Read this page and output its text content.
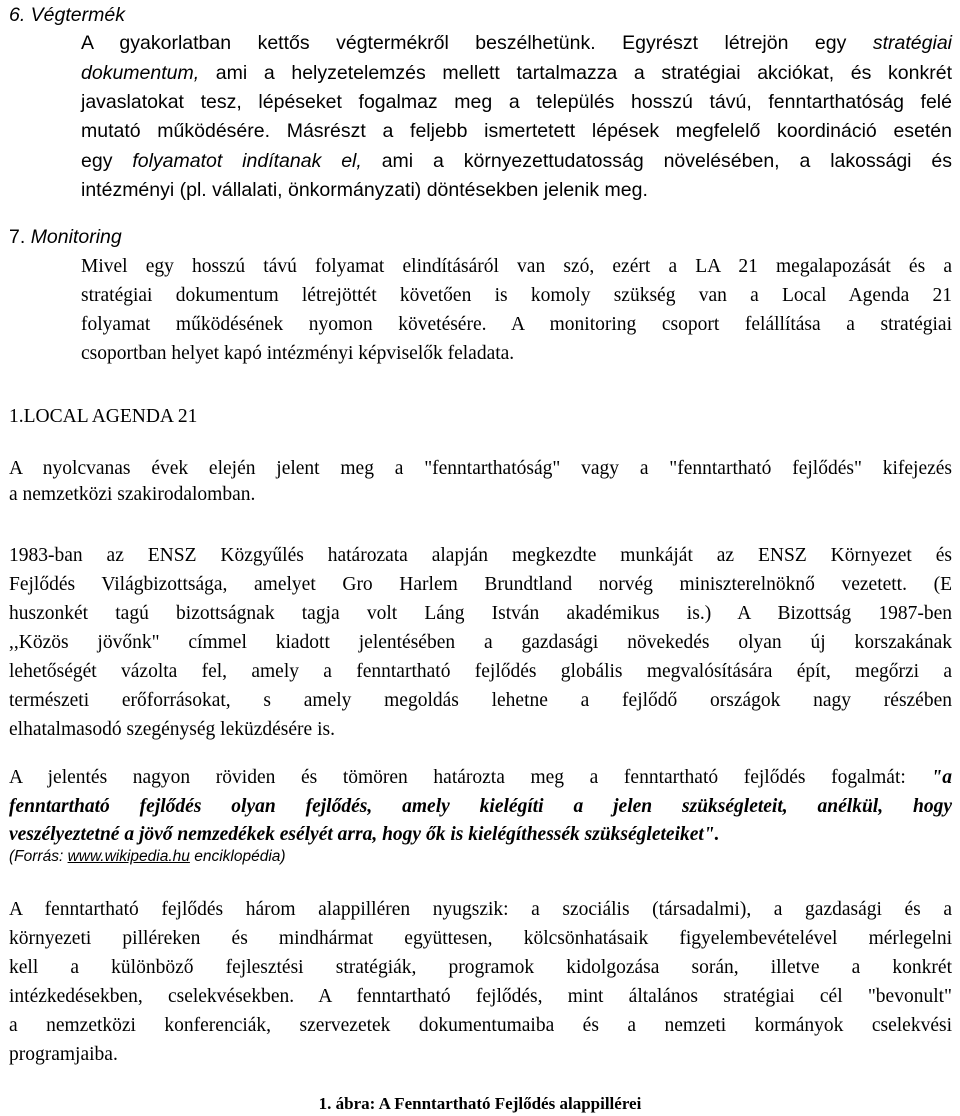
6. Végtermék
A gyakorlatban kettős végtermékről beszélhetünk. Egyrészt létrejön egy stratégiai
dokumentum, ami a helyzetelemzés mellett tartalmazza a stratégiai akciókat, és konkrét
javaslatokat tesz, lépéseket fogalmaz meg a település hosszú távú, fenntarthatóság felé
mutató működésére. Másrészt a feljebb ismertetett lépések megfelelő koordináció esetén
egy folyamatot indítanak el, ami a környezettudatosság növelésében, a lakossági és
intézményi (pl. vállalati, önkormányzati) döntésekben jelenik meg.
7. Monitoring
Mivel egy hosszú távú folyamat elindításáról van szó, ezért a LA 21 megalapozását és a
stratégiai dokumentum létrejöttét követően is komoly szükség van a Local Agenda 21
folyamat működésének nyomon követésére. A monitoring csoport felállítása a stratégiai
csoportban helyet kapó intézményi képviselők feladata.
1.LOCAL AGENDA 21
A nyolcvanas évek elején jelent meg a "fenntarthatóság" vagy a "fenntartható fejlődés" kifejezés
a nemzetközi szakirodalomban.
1983-ban az ENSZ Közgyűlés határozata alapján megkezdte munkáját az ENSZ Környezet és
Fejlődés Világbizottsága, amelyet Gro Harlem Brundtland norvég miniszterelnöknő vezetett. (E
huszonkét tagú bizottságnak tagja volt Láng István akadémikus is.) A Bizottság 1987-ben
,,Közös jövőnk" címmel kiadott jelentésében a gazdasági növekedés olyan új korszakának
lehetőségét vázolta fel, amely a fenntartható fejlődés globális megvalósítására épít, megőrzi a
természeti erőforrásokat, s amely megoldás lehetne a fejlődő országok nagy részében
elhatalmasodó szegénység leküzdésére is.
A jelentés nagyon röviden és tömören határozta meg a fenntartható fejlődés fogalmát: "a
fenntartható fejlődés olyan fejlődés, amely kielégíti a jelen szükségleteit, anélkül, hogy
veszélyeztetné a jövő nemzedékek esélyét arra, hogy ők is kielégíthessék szükségleteiket".
(Forrás: www.wikipedia.hu enciklopédia)
A fenntartható fejlődés három alappilléren nyugszik: a szociális (társadalmi), a gazdasági és a
környezeti pilléreken és mindhármat együttesen, kölcsönhatásaik figyelembevételével mérlegelni
kell a különböző fejlesztési stratégiák, programok kidolgozása során, illetve a konkrét
intézkedésekben, cselekvésekben. A fenntartható fejlődés, mint általános stratégiai cél "bevonult"
a nemzetközi konferenciák, szervezetek dokumentumaiba és a nemzeti kormányok cselekvési
programjaiba.
1. ábra: A Fenntartható Fejlődés alappillérei
